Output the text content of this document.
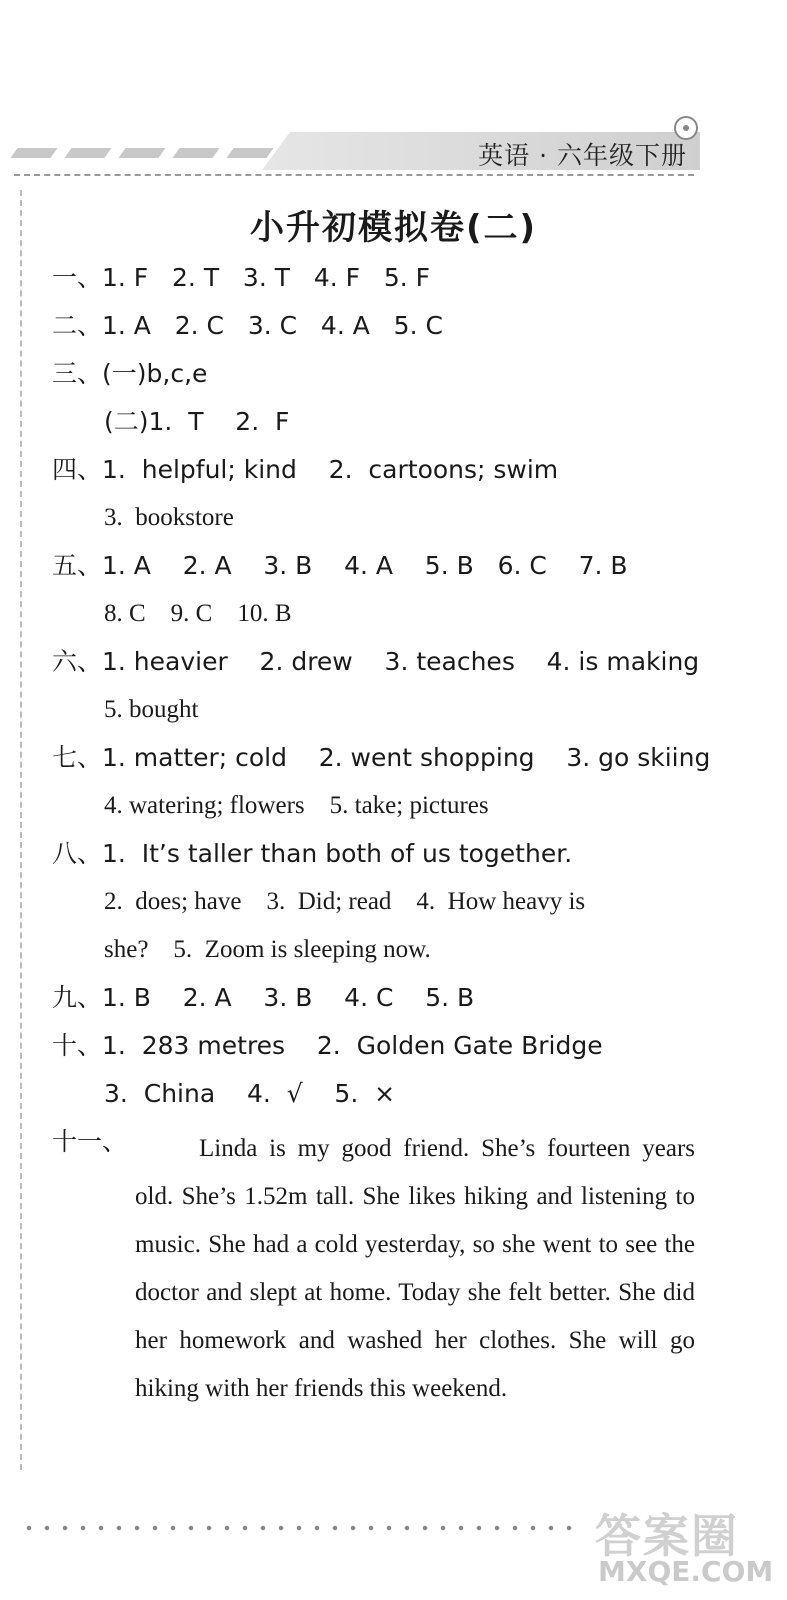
英语 · 六年级下册
小升初模拟卷(二)
一、1. F   2. T   3. T   4. F   5. F
二、1. A   2. C   3. C   4. A   5. C
三、(一)b,c,e
(二)1.  T    2.  F
四、1.  helpful; kind    2.  cartoons; swim
3.  bookstore
五、1. A    2. A    3. B    4. A    5. B   6. C    7. B
8. C    9. C    10. B
六、1. heavier    2. drew    3. teaches    4. is making
5. bought
七、1. matter; cold    2. went shopping    3. go skiing
4. watering; flowers    5. take; pictures
八、1.  It’s taller than both of us together.
2.  does; have    3.  Did; read    4.  How heavy is
she?    5.  Zoom is sleeping now.
九、1. B    2. A    3. B    4. C    5. B
十、1.  283 metres    2.  Golden Gate Bridge
3.  China    4.  √    5.  ×
十一、	Linda is my good friend. She’s fourteen years old. She’s 1.52m tall. She likes hiking and listening to music. She had a cold yesterday, so she went to see the doctor and slept at home. Today she felt better. She did her homework and washed her clothes. She will go hiking with her friends this weekend.
答案圈
MXQE.COM
